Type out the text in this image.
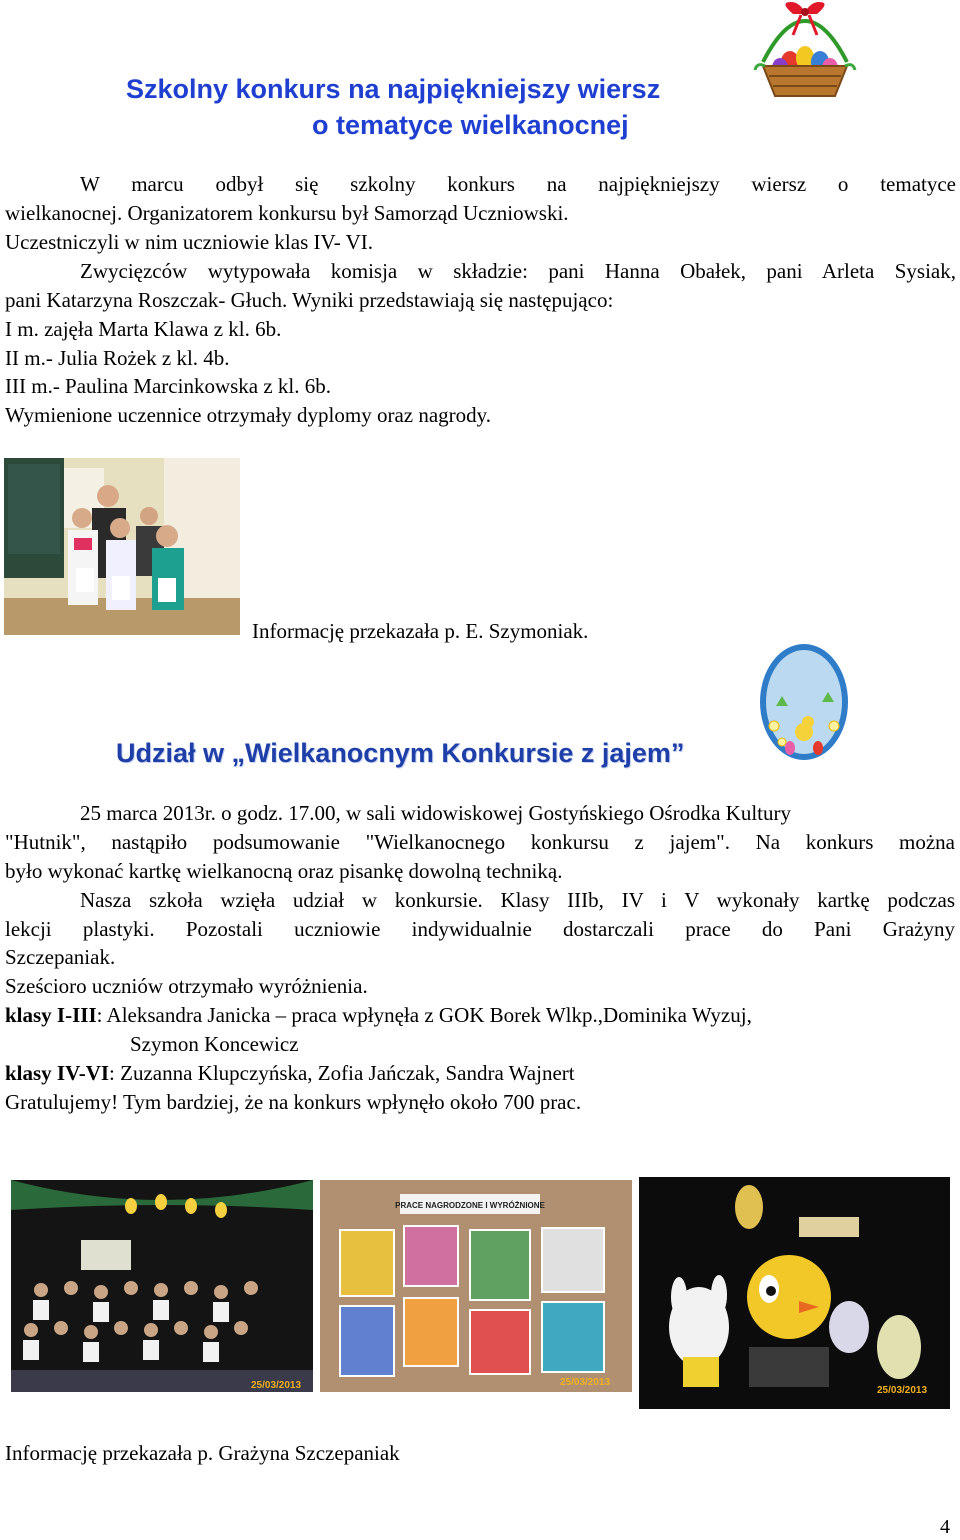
Szkolny konkurs na najpiękniejszy wiersz
o tematyce wielkanocnej
W marcu odbył się szkolny konkurs na najpiękniejszy wiersz o tematyce
wielkanocnej. Organizatorem konkursu był Samorząd Uczniowski.
Uczestniczyli w nim uczniowie klas IV- VI.
Zwycięzców wytypowała komisja w składzie: pani Hanna Obałek, pani Arleta Sysiak,
pani Katarzyna Roszczak- Głuch. Wyniki przedstawiają się następująco:
I m. zajęła Marta Klawa z kl. 6b.
II m.- Julia Rożek z kl. 4b.
III m.- Paulina Marcinkowska z kl. 6b.
Wymienione uczennice otrzymały dyplomy oraz nagrody.
Informację przekazała p. E. Szymoniak.
Udział w „Wielkanocnym Konkursie z jajem”
25 marca 2013r. o godz. 17.00, w sali widowiskowej Gostyńskiego Ośrodka Kultury
"Hutnik", nastąpiło podsumowanie "Wielkanocnego konkursu z jajem". Na konkurs można
było wykonać kartkę wielkanocną oraz pisankę dowolną techniką.
Nasza szkoła wzięła udział w konkursie. Klasy IIIb, IV i V wykonały kartkę podczas
lekcji plastyki. Pozostali uczniowie indywidualnie dostarczali prace do Pani Grażyny
Szczepaniak.
Sześcioro uczniów otrzymało wyróżnienia.
klasy I-III: Aleksandra Janicka – praca wpłynęła z GOK Borek Wlkp.,Dominika Wyzuj,
Szymon Koncewicz
klasy IV-VI: Zuzanna Klupczyńska, Zofia Jańczak, Sandra Wajnert
Gratulujemy! Tym bardziej, że na konkurs wpłynęło około 700 prac.
25/03/2013
PRACE NAGRODZONE I WYRÓŻNIONE
25/03/2013
25/03/2013
Informację przekazała p. Grażyna Szczepaniak
4
